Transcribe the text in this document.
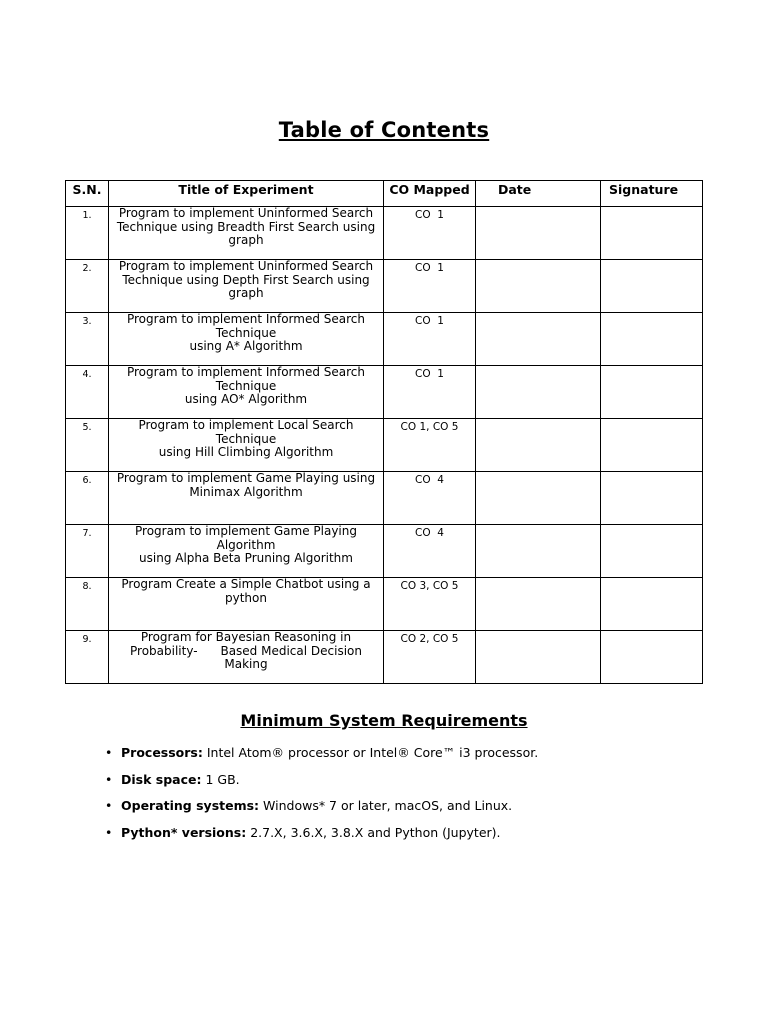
Table of Contents
S.N.	Title of Experiment	CO Mapped	Date	Signature
1.	Program to implement Uninformed Search
Technique using Breadth First Search using
graph	CO  1		
2.	Program to implement Uninformed Search
Technique using Depth First Search using
graph	CO  1		
3.	Program to implement Informed Search
Technique
using A* Algorithm	CO  1		
4.	Program to implement Informed Search
Technique
using AO* Algorithm	CO  1		
5.	Program to implement Local Search
Technique
using Hill Climbing Algorithm	CO 1, CO 5		
6.	Program to implement Game Playing using
Minimax Algorithm	CO  4		
7.	Program to implement Game Playing
Algorithm
using Alpha Beta Pruning Algorithm	CO  4		
8.	Program Create a Simple Chatbot using a
python	CO 3, CO 5		
9.	Program for Bayesian Reasoning in
Probability-      Based Medical Decision
Making	CO 2, CO 5		
Minimum System Requirements
• Processors: Intel Atom® processor or Intel® Core™ i3 processor.
• Disk space: 1 GB.
• Operating systems: Windows* 7 or later, macOS, and Linux.
• Python* versions: 2.7.X, 3.6.X, 3.8.X and Python (Jupyter).
